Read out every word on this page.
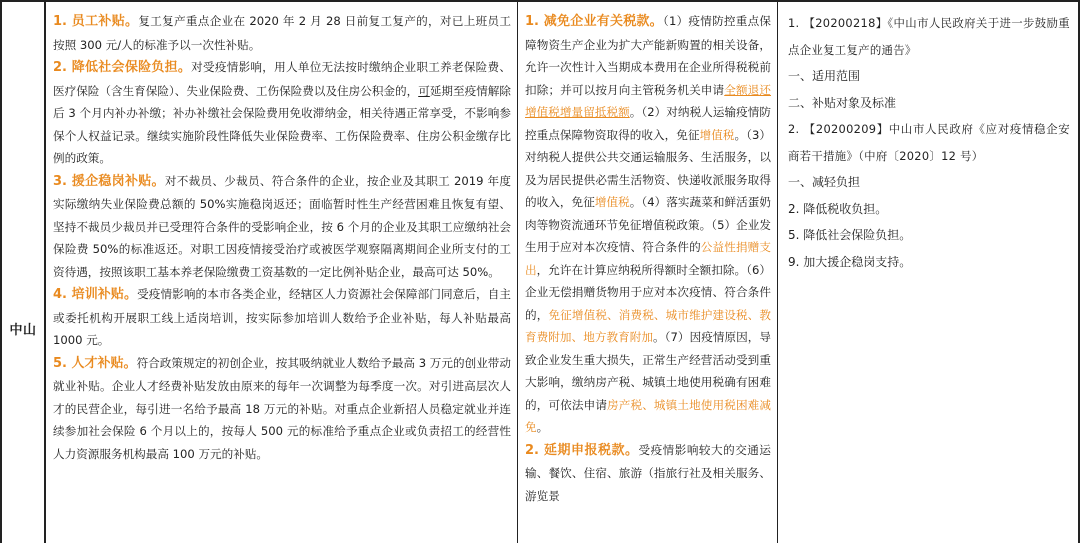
中山

1. 员工补贴。复工复产重点企业在 2020 年 2 月 28 日前复工复产的，对已上班员工按照 300 元/人的标准予以一次性补贴。

2. 降低社会保险负担。对受疫情影响，用人单位无法按时缴纳企业职工养老保险费、医疗保险（含生育保险）、失业保险费、工伤保险费以及住房公积金的，可延期至疫情解除后 3 个月内补办补缴；补办补缴社会保险费用免收滞纳金，相关待遇正常享受，不影响参保个人权益记录。继续实施阶段性降低失业保险费率、工伤保险费率、住房公积金缴存比例的政策。

3. 援企稳岗补贴。对不裁员、少裁员、符合条件的企业，按企业及其职工 2019 年度实际缴纳失业保险费总额的 50%实施稳岗返还；面临暂时性生产经营困难且恢复有望、坚持不裁员少裁员并已受理符合条件的受影响企业，按 6 个月的企业及其职工应缴纳社会保险费 50%的标准返还。对职工因疫情接受治疗或被医学观察隔离期间企业所支付的工资待遇，按照该职工基本养老保险缴费工资基数的一定比例补贴企业，最高可达 50%。

4. 培训补贴。受疫情影响的本市各类企业，经辖区人力资源社会保障部门同意后，自主或委托机构开展职工线上适岗培训，按实际参加培训人数给予企业补贴，每人补贴最高 1000 元。

5. 人才补贴。符合政策规定的初创企业，按其吸纳就业人数给予最高 3 万元的创业带动就业补贴。企业人才经费补贴发放由原来的每年一次调整为每季度一次。对引进高层次人才的民营企业，每引进一名给予最高 18 万元的补贴。对重点企业新招人员稳定就业并连续参加社会保险 6 个月以上的，按每人 500 元的标准给予重点企业或负责招工的经营性人力资源服务机构最高 100 万元的补贴。

1. 减免企业有关税款。（1）疫情防控重点保障物资生产企业为扩大产能新购置的相关设备，允许一次性计入当期成本费用在企业所得税税前扣除；并可以按月向主管税务机关申请全额退还增值税增量留抵税额。（2）对纳税人运输疫情防控重点保障物资取得的收入，免征增值税。（3）对纳税人提供公共交通运输服务、生活服务，以及为居民提供必需生活物资、快递收派服务取得的收入，免征增值税。（4）落实蔬菜和鲜活蛋奶肉等物资流通环节免征增值税政策。（5）企业发生用于应对本次疫情、符合条件的公益性捐赠支出，允许在计算应纳税所得额时全额扣除。（6）企业无偿捐赠货物用于应对本次疫情、符合条件的，免征增值税、消费税、城市维护建设税、教育费附加、地方教育附加。（7）因疫情原因，导致企业发生重大损失，正常生产经营活动受到重大影响，缴纳房产税、城镇土地使用税确有困难的，可依法申请房产税、城镇土地使用税困难减免。

2. 延期申报税款。受疫情影响较大的交通运输、餐饮、住宿、旅游（指旅行社及相关服务、游览景

1. 【20200218】《中山市人民政府关于进一步鼓励重点企业复工复产的通告》

一、适用范围

二、补贴对象及标准

2. 【20200209】中山市人民政府《应对疫情稳企安商若干措施》（中府〔2020〕12 号）

一、减轻负担

2. 降低税收负担。

5. 降低社会保险负担。

9. 加大援企稳岗支持。
